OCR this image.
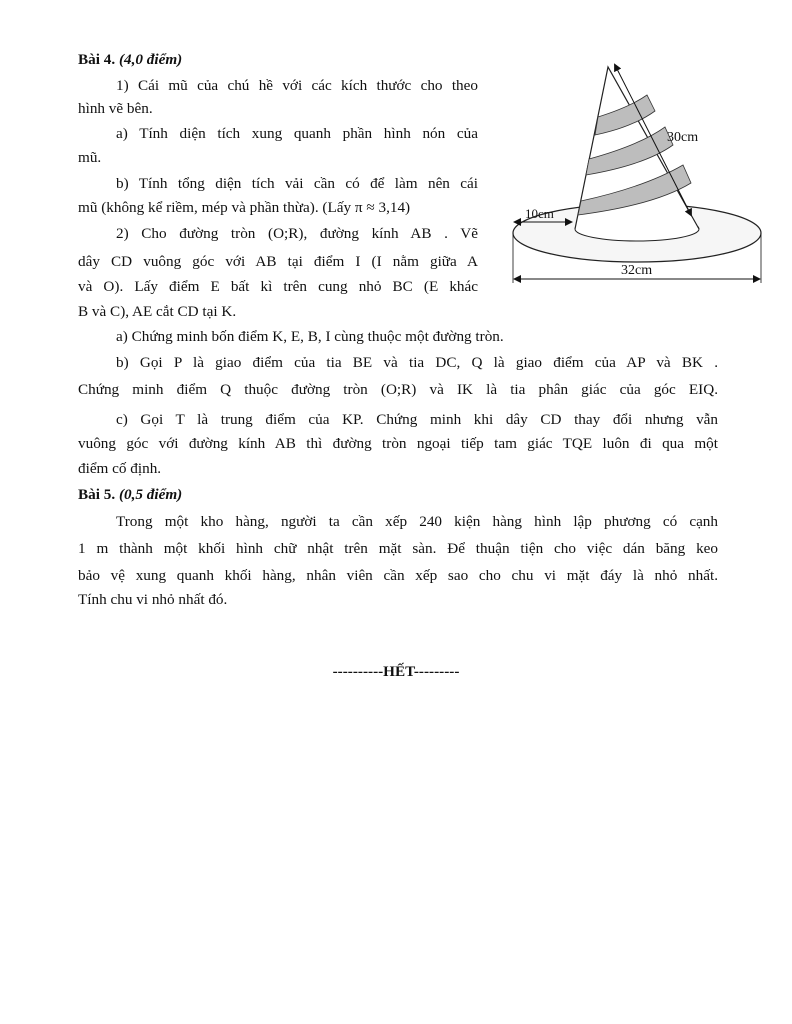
Bài 4. (4,0 điểm)
1) Cái mũ của chú hề với các kích thước cho theo
hình vẽ bên.
a) Tính diện tích xung quanh phần hình nón của
mũ.
b) Tính tổng diện tích vải cần có để làm nên cái
mũ (không kể riềm, mép và phần thừa). (Lấy π ≈ 3,14)
2) Cho đường tròn (O;R), đường kính AB . Vẽ
dây CD vuông góc với AB tại điểm I (I nằm giữa A
và O). Lấy điểm E bất kì trên cung nhỏ BC (E khác
B và C), AE cắt CD tại K.
a) Chứng minh bốn điểm K, E, B, I cùng thuộc một đường tròn.
b) Gọi P là giao điểm của tia BE và tia DC, Q là giao điểm của AP và BK .
Chứng minh điểm Q thuộc đường tròn (O;R) và IK là tia phân giác của góc EIQ.
c) Gọi T là trung điểm của KP. Chứng minh khi dây CD thay đổi nhưng vẫn
vuông góc với đường kính AB thì đường tròn ngoại tiếp tam giác TQE luôn đi qua một
điểm cố định.
Bài 5. (0,5 điểm)
Trong một kho hàng, người ta cần xếp 240 kiện hàng hình lập phương có cạnh
1 m thành một khối hình chữ nhật trên mặt sàn. Để thuận tiện cho việc dán băng keo
bảo vệ xung quanh khối hàng, nhân viên cần xếp sao cho chu vi mặt đáy là nhỏ nhất.
Tính chu vi nhỏ nhất đó.
30cm
10cm
32cm
----------HẾT---------
